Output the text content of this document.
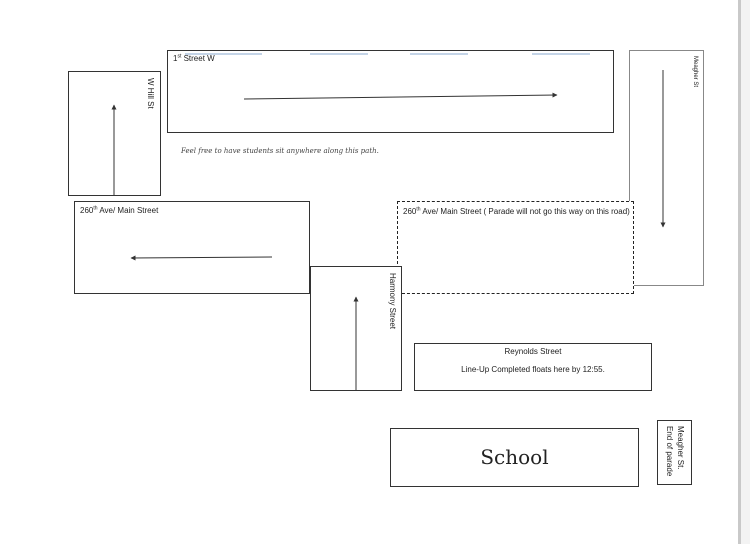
1st Street W
W Hill St
Meagher St
Feel free to have students sit anywhere along this path.
260th Ave/ Main Street	260th Ave/ Main Street ( Parade will not go this way on this road)
Harmony Street
Reynolds Street
Line-Up Completed floats here by 12:55.
School	Meagher St.
End of parade
